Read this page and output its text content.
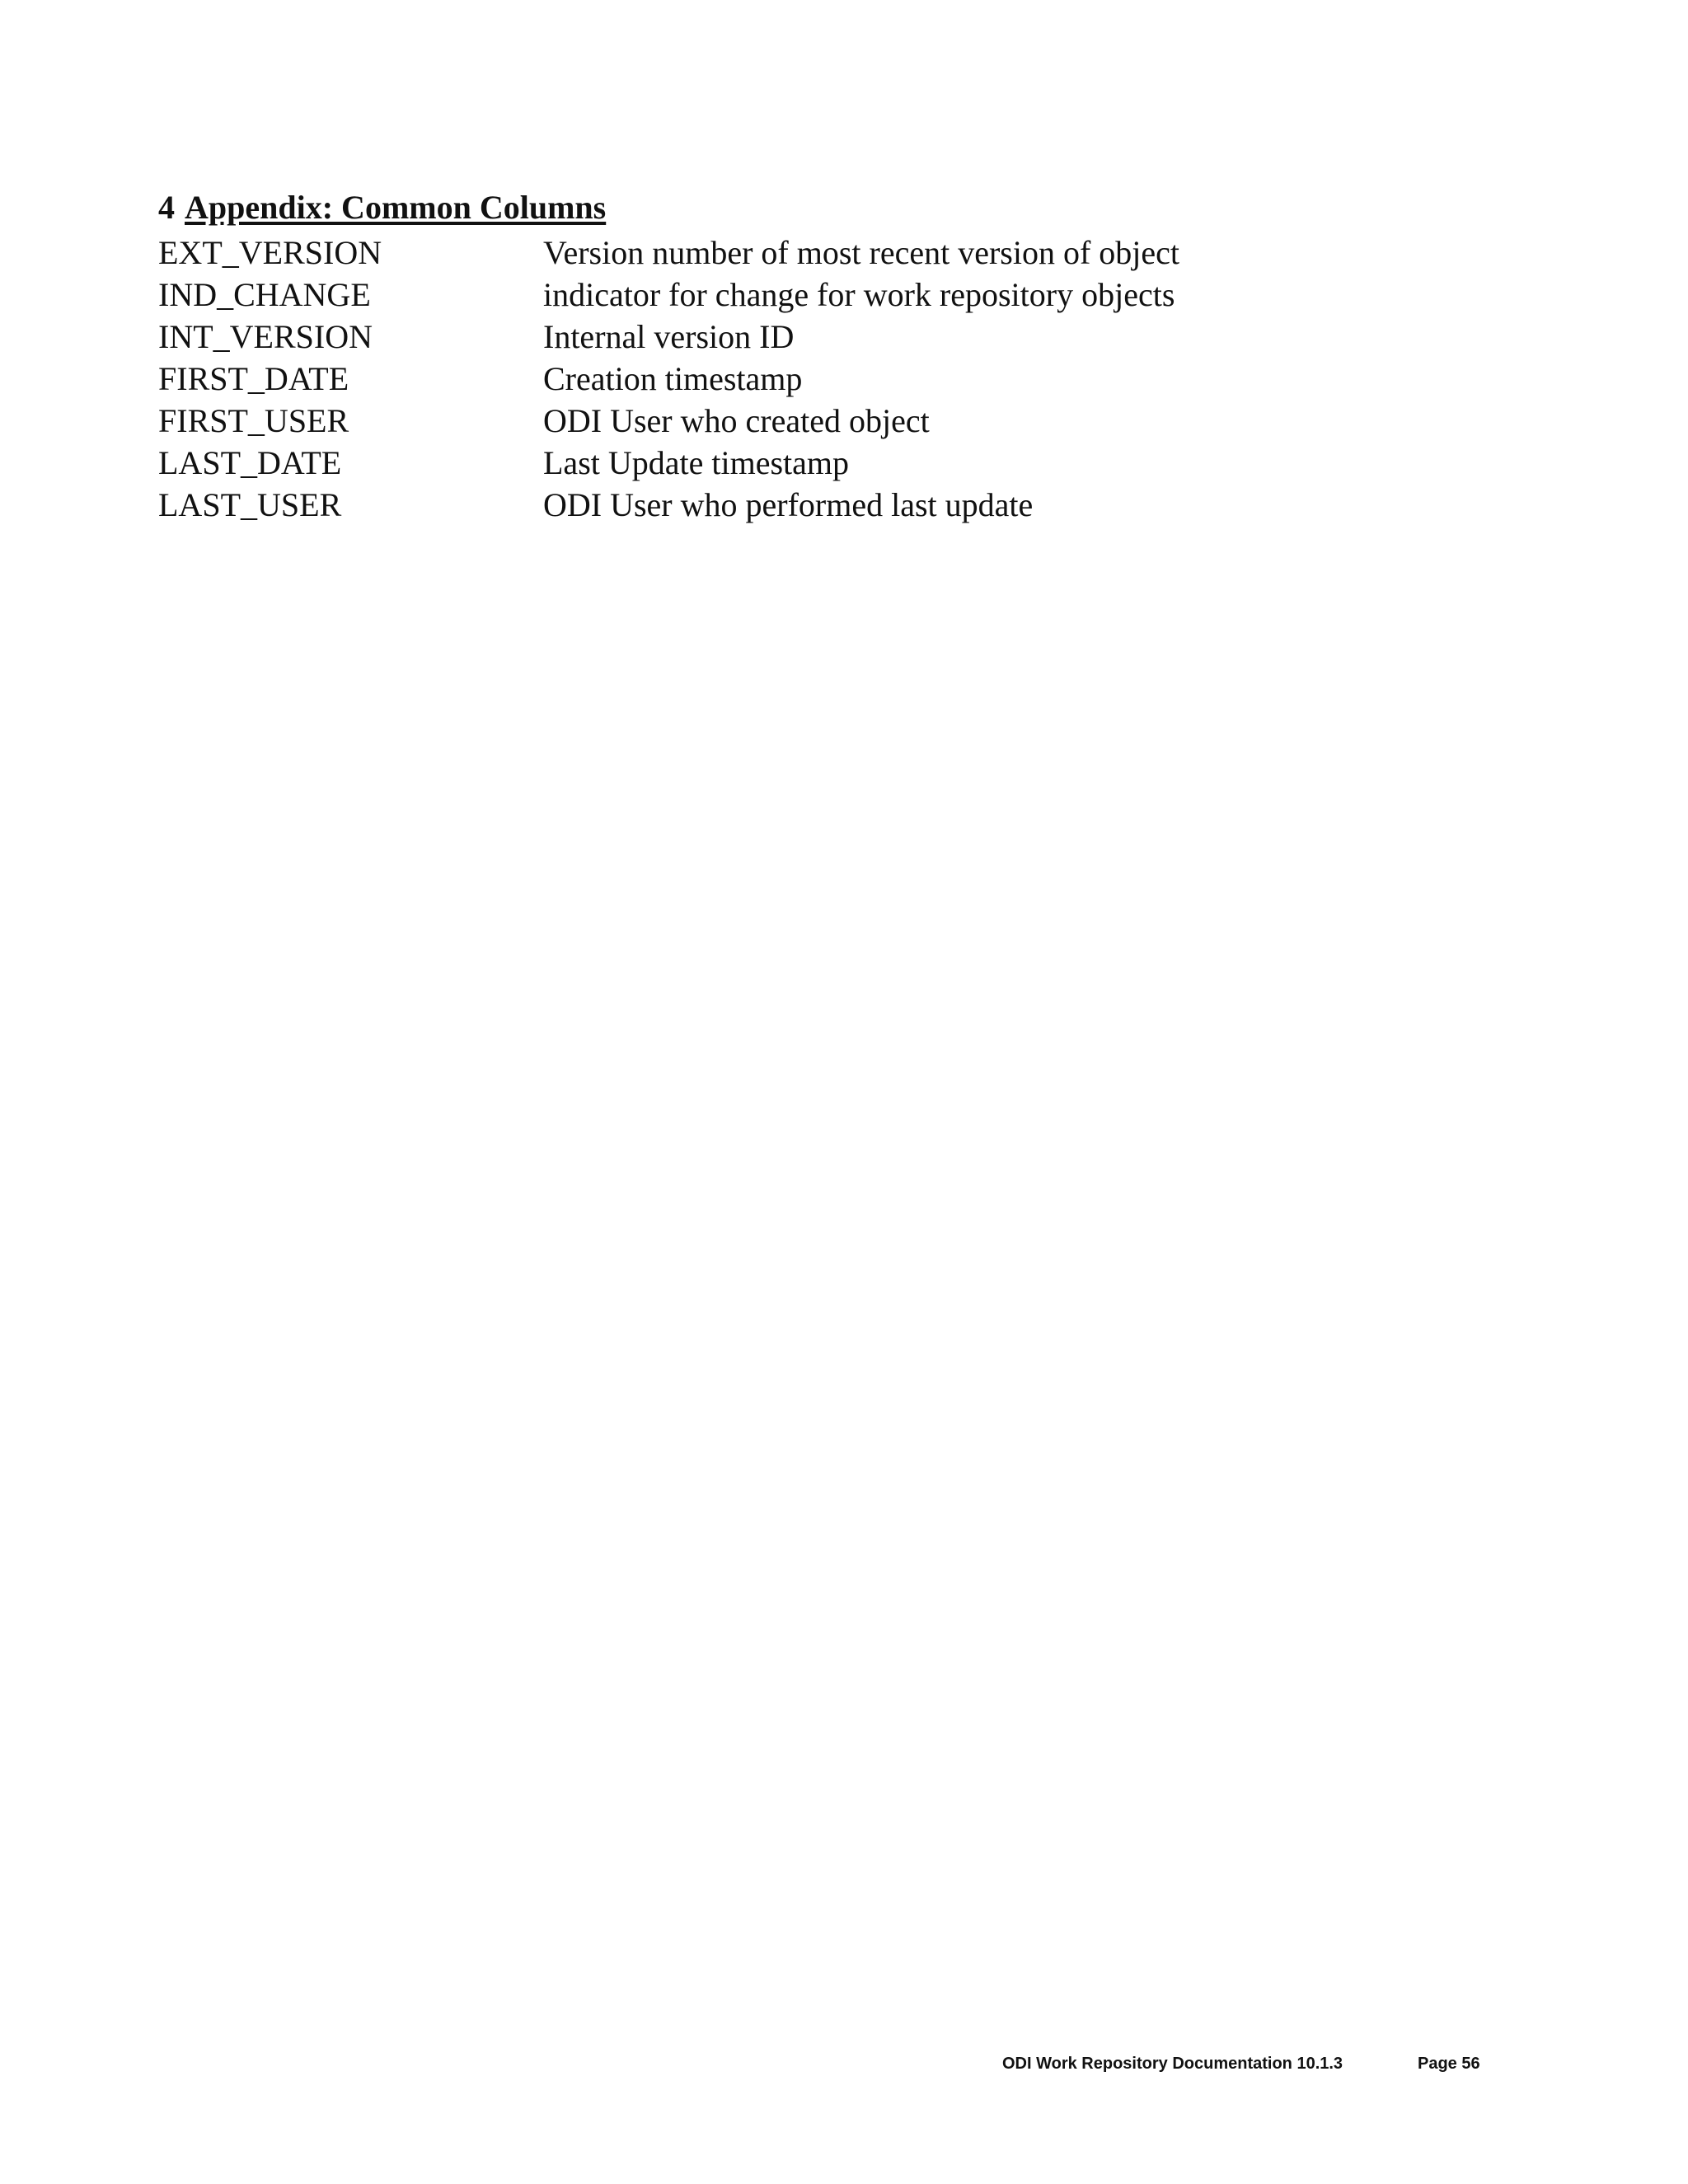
4 Appendix: Common Columns
EXT_VERSION	Version number of most recent version of object
IND_CHANGE	indicator for change for work repository objects
INT_VERSION	Internal version ID
FIRST_DATE	Creation timestamp
FIRST_USER	ODI User who created object
LAST_DATE	Last Update timestamp
LAST_USER	ODI User who performed last update
ODI Work Repository Documentation 10.1.3	Page 56
